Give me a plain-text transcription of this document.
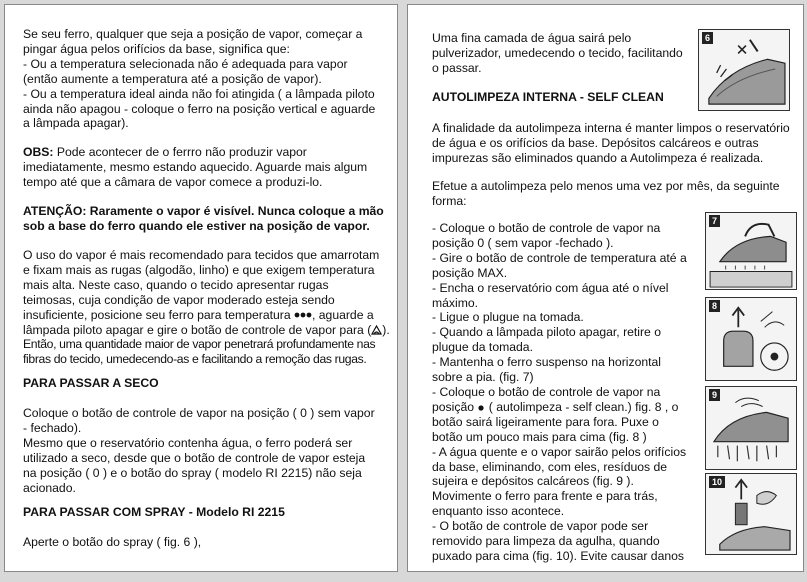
Se seu ferro, qualquer que seja a posição de vapor, começar a
pingar água pelos orifícios da base, significa que:
- Ou a temperatura selecionada não é adequada para vapor
(então aumente a temperatura até a posição de vapor).
- Ou a temperatura ideal ainda não foi atingida ( a lâmpada piloto
ainda não apagou - coloque o ferro na posição vertical e aguarde
a lâmpada apagar).

OBS: Pode acontecer de o ferrro não produzir vapor
imediatamente, mesmo estando aquecido. Aguarde mais algum
tempo até que a câmara de vapor comece a produzi-lo.

ATENÇÃO: Raramente o vapor é visível. Nunca coloque a mão
sob a base do ferro quando ele estiver na posição de vapor.

O uso do vapor é mais recomendado para tecidos que amarrotam
e fixam mais as rugas (algodão, linho) e que exigem temperatura
mais alta. Neste caso, quando o tecido apresentar rugas
teimosas, cuja condição de vapor moderado esteja sendo
insuficiente, posicione seu ferro para temperatura , aguarde a
lâmpada piloto apagar e gire o botão de controle de vapor para ( ).
Então, uma quantidade maior de vapor penetrará profundamente nas
fibras do tecido, umedecendo-as e facilitando a remoção das rugas.

PARA PASSAR A SECO

Coloque o botão de controle de vapor na posição ( 0 ) sem vapor
- fechado).
Mesmo que o reservatório contenha água, o ferro poderá ser
utilizado a seco, desde que o botão de controle de vapor esteja
na posição ( 0 ) e o botão do spray ( modelo RI 2215) não seja
acionado.

PARA PASSAR COM SPRAY - Modelo RI 2215

Aperte o botão do spray ( fig. 6 ),

Uma fina camada de água sairá pelo
pulverizador, umedecendo o tecido, facilitando
o passar.

6

AUTOLIMPEZA INTERNA - SELF CLEAN

A finalidade da autolimpeza interna é manter limpos o reservatório
de água e os orifícios da base. Depósitos calcáreos e outras
impurezas são eliminados quando a Autolimpeza é realizada.

Efetue a autolimpeza pelo menos uma vez por mês, da seguinte
forma:

- Coloque o botão de controle de vapor na
posição 0 ( sem vapor -fechado ).
- Gire o botão de controle de temperatura até a
posição MAX.
- Encha o reservatório com água até o nível
máximo.
- Ligue o plugue na tomada.
- Quando a lâmpada piloto apagar, retire o
plugue da tomada.
- Mantenha o ferro suspenso na horizontal
sobre a pia. (fig. 7)
- Coloque o botão de controle de vapor na
posição  ( autolimpeza - self clean.) fig. 8 , o
botão sairá ligeiramente para fora. Puxe o
botão um pouco mais para cima (fig. 8 )
- A água quente e o vapor sairão pelos orifícios
da base, eliminando, com eles, resíduos de
sujeira e depósitos calcáreos (fig. 9 ).
Movimente o ferro para frente e para trás,
enquanto isso acontece.
- O botão de controle de vapor pode ser
removido para limpeza da agulha, quando
puxado para cima (fig. 10). Evite causar danos

7
8
9
10
